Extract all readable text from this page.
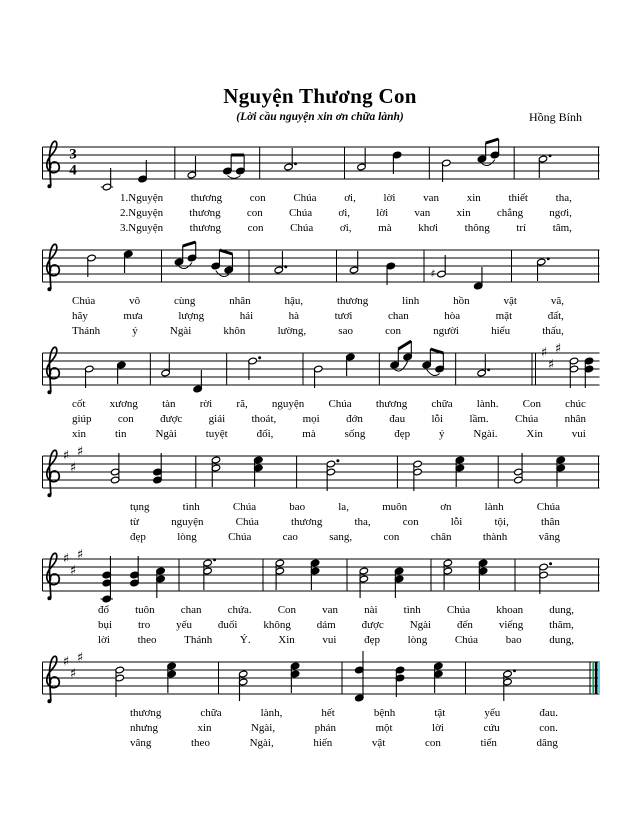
Nguyện Thương Con
(Lời cầu nguyện xin ơn chữa lành)	Hồng Bính
3
4
1.Nguyện	thương	con	Chúa	ơi,	lời	van	xin	thiết	tha,
2.Nguyện thương con Chúa ơi, lời van xin chẳng ngơi,
3.Nguyện thương con Chúa ơi, mà khơi thông trí tâm,
♯
Chúa	vô	cùng	nhân	hậu,	thương	linh	hồn	vật	vã,
hãy	mưa	lượng	hải	hà	tươi	chan	hòa	mặt	đất,
Thánh	ý	Ngài	khôn	lường,	sao	con	người	hiểu	thấu,
♯
♯
♯
cốt xương tàn rời rã, nguyện Chúa thương chữa lành. Con chúc
giúp con được giải thoát, mọi đớn đau lỗi lầm. Chúa nhân
xin	tin	Ngài	tuyệt	đối,	mà	sống	đẹp	ý	Ngài.	Xin	vui
♯
♯
♯
tụng	tình	Chúa	bao	la,	muôn	ơn	lành	Chúa
từ	nguyện	Chúa	thương	tha,	con	lỗi	tội,	thân
đẹp	lòng	Chúa	cao	sang,	con	chân	thành	vâng
♯
♯
♯
đổ tuôn chan chứa. Con van nài tình Chúa khoan dung,
bụi tro yếu đuối không dám được Ngài đến viếng thăm,
lời	theo	Thánh	Ý.	Xin	vui	đẹp	lòng	Chúa	bao	dung,
♯
♯
♯
thương	chữa	lành,	hết	bệnh	tật	yếu	đau.
nhưng	xin	Ngài,	phán	một	lời	cứu	con.
vâng	theo	Ngài,	hiến	vật	con	tiến	dâng
